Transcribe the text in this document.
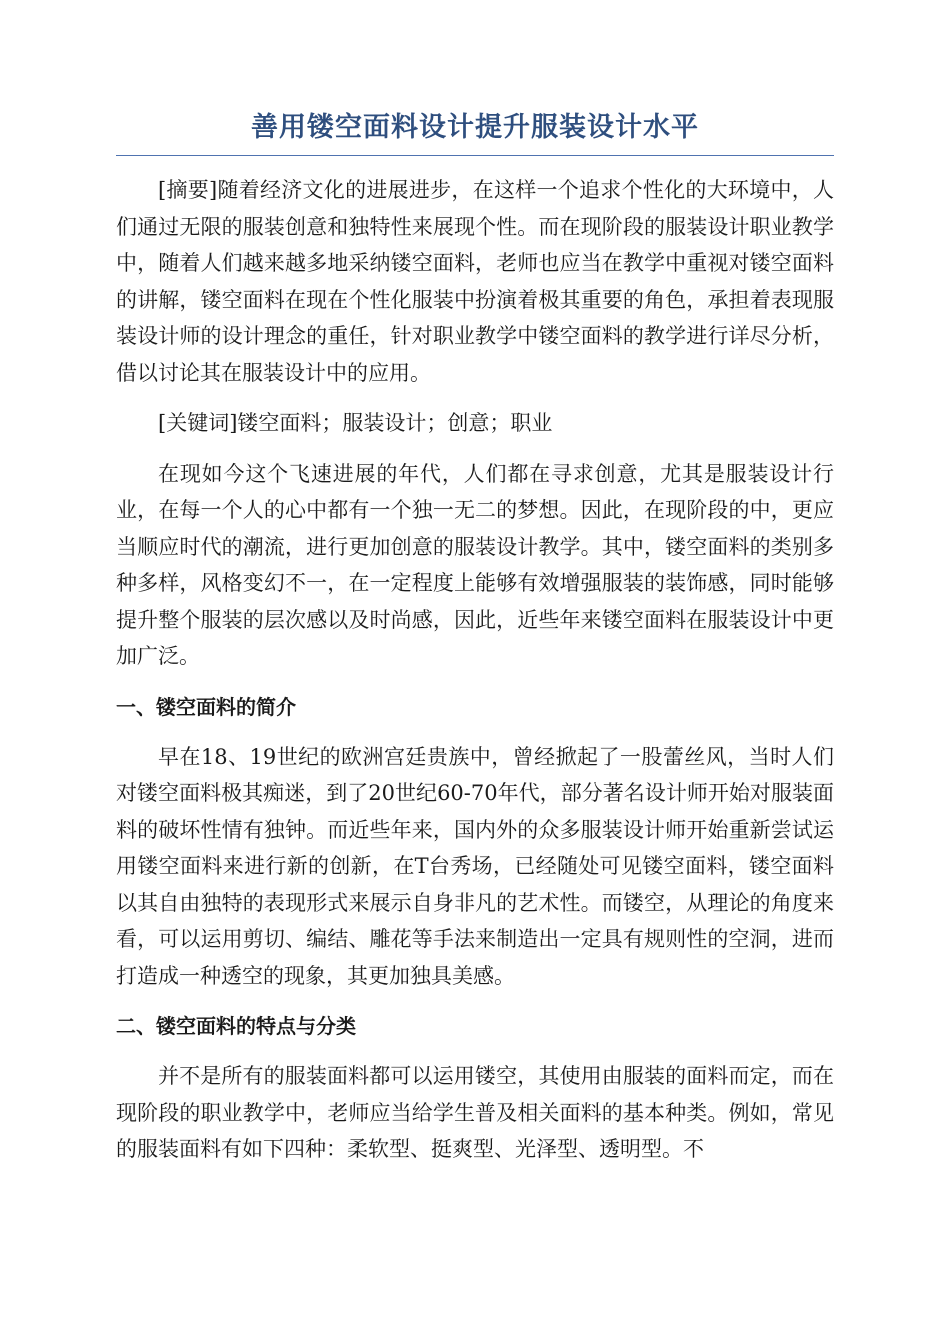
善用镂空面料设计提升服装设计水平

[摘要]随着经济文化的进展进步，在这样一个追求个性化的大环境中，人们通过无限的服装创意和独特性来展现个性。而在现阶段的服装设计职业教学中，随着人们越来越多地采纳镂空面料，老师也应当在教学中重视对镂空面料的讲解，镂空面料在现在个性化服装中扮演着极其重要的角色，承担着表现服装设计师的设计理念的重任，针对职业教学中镂空面料的教学进行详尽分析，借以讨论其在服装设计中的应用。

[关键词]镂空面料；服装设计；创意；职业

在现如今这个飞速进展的年代，人们都在寻求创意，尤其是服装设计行业，在每一个人的心中都有一个独一无二的梦想。因此，在现阶段的中，更应当顺应时代的潮流，进行更加创意的服装设计教学。其中，镂空面料的类别多种多样，风格变幻不一，在一定程度上能够有效增强服装的装饰感，同时能够提升整个服装的层次感以及时尚感，因此，近些年来镂空面料在服装设计中更加广泛。

一、镂空面料的简介

早在18、19世纪的欧洲宫廷贵族中，曾经掀起了一股蕾丝风，当时人们对镂空面料极其痴迷，到了20世纪60-70年代，部分著名设计师开始对服装面料的破坏性情有独钟。而近些年来，国内外的众多服装设计师开始重新尝试运用镂空面料来进行新的创新，在T台秀场，已经随处可见镂空面料，镂空面料以其自由独特的表现形式来展示自身非凡的艺术性。而镂空，从理论的角度来看，可以运用剪切、编结、雕花等手法来制造出一定具有规则性的空洞，进而打造成一种透空的现象，其更加独具美感。

二、镂空面料的特点与分类

并不是所有的服装面料都可以运用镂空，其使用由服装的面料而定，而在现阶段的职业教学中，老师应当给学生普及相关面料的基本种类。例如，常见的服装面料有如下四种：柔软型、挺爽型、光泽型、透明型。不
